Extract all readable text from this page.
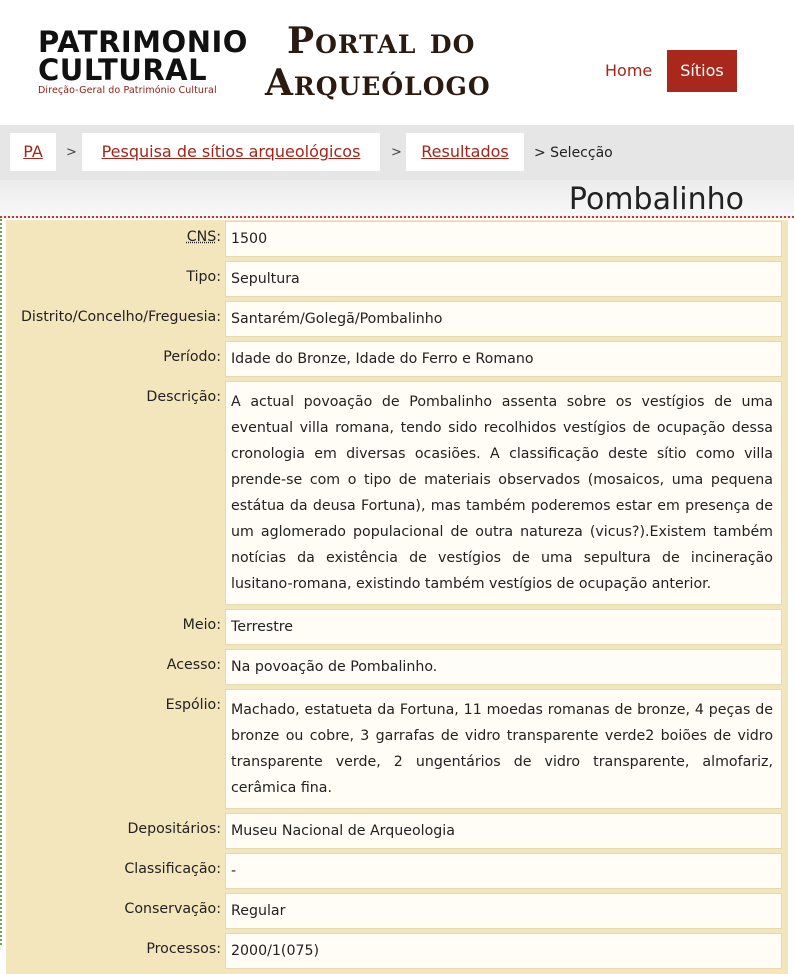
PATRIMONIO
CULTURAL
Direção-Geral do Património Cultural
Portal do
Arqueólogo	Home	Sítios
PA	>	Pesquisa de sítios arqueológicos	>	Resultados	> Selecção
Pombalinho
CNS: 1500
Tipo: Sepultura
Distrito/Concelho/Freguesia: Santarém/Golegã/Pombalinho
Período: Idade do Bronze, Idade do Ferro e Romano
Descrição: A actual povoação de Pombalinho assenta sobre os vestígios de uma eventual villa romana, tendo sido recolhidos vestígios de ocupação dessa cronologia em diversas ocasiões. A classificação deste sítio como villa prende-se com o tipo de materiais observados (mosaicos, uma pequena estátua da deusa Fortuna), mas também poderemos estar em presença de um aglomerado populacional de outra natureza (vicus?).Existem também notícias da existência de vestígios de uma sepultura de incineração lusitano-romana, existindo também vestígios de ocupação anterior.
Meio: Terrestre
Acesso: Na povoação de Pombalinho.
Espólio: Machado, estatueta da Fortuna, 11 moedas romanas de bronze, 4 peças de bronze ou cobre, 3 garrafas de vidro transparente verde2 boiões de vidro transparente verde, 2 ungentários de vidro transparente, almofariz, cerâmica fina.
Depositários: Museu Nacional de Arqueologia
Classificação: -
Conservação: Regular
Processos: 2000/1(075)
